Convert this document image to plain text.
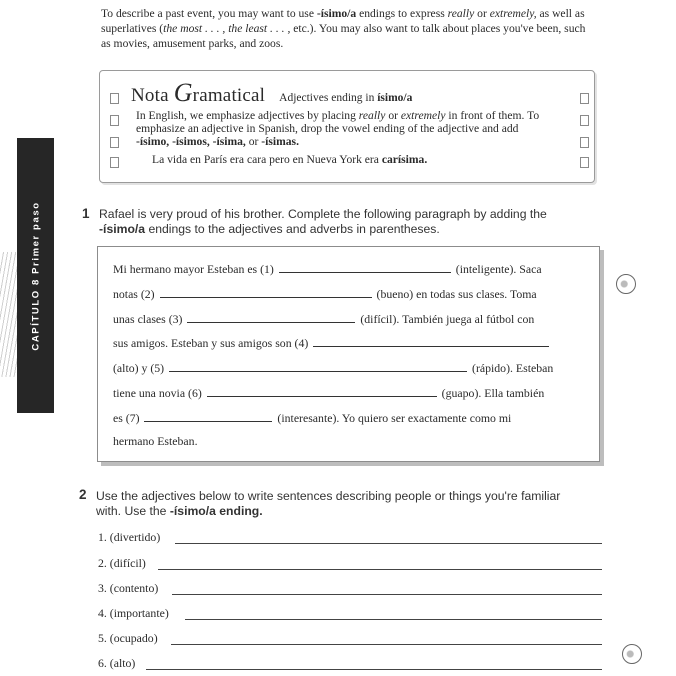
To describe a past event, you may want to use -ísimo/a endings to express really or extremely, as well as superlatives (the most . . . , the least . . . , etc.). You may also want to talk about places you've been, such as movies, amusement parks, and zoos.
Nota Gramatical Adjectives ending in ísimo/a
In English, we emphasize adjectives by placing really or extremely in front of them. To emphasize an adjective in Spanish, drop the vowel ending of the adjective and add -ísimo, -ísimos, -ísima, or -ísimas.
La vida en París era cara pero en Nueva York era carísima.
CAPÍTULO 8 Primer paso	1 Rafael is very proud of his brother. Complete the following paragraph by adding the -ísimo/a endings to the adjectives and adverbs in parentheses.
Mi hermano mayor Esteban es (1)	(inteligente). Saca
notas (2)	(bueno) en todas sus clases. Toma
unas clases (3)	(difícil). También juega al fútbol con
sus amigos. Esteban y sus amigos son (4)
(alto) y (5)	(rápido). Esteban
tiene una novia (6)	(guapo). Ella también
es (7)	(interesante). Yo quiero ser exactamente como mi
hermano Esteban.
2 Use the adjectives below to write sentences describing people or things you're familiar with. Use the -ísimo/a ending.
1. (divertido)
2. (difícil)
3. (contento)
4. (importante)
5. (ocupado)
6. (alto)
